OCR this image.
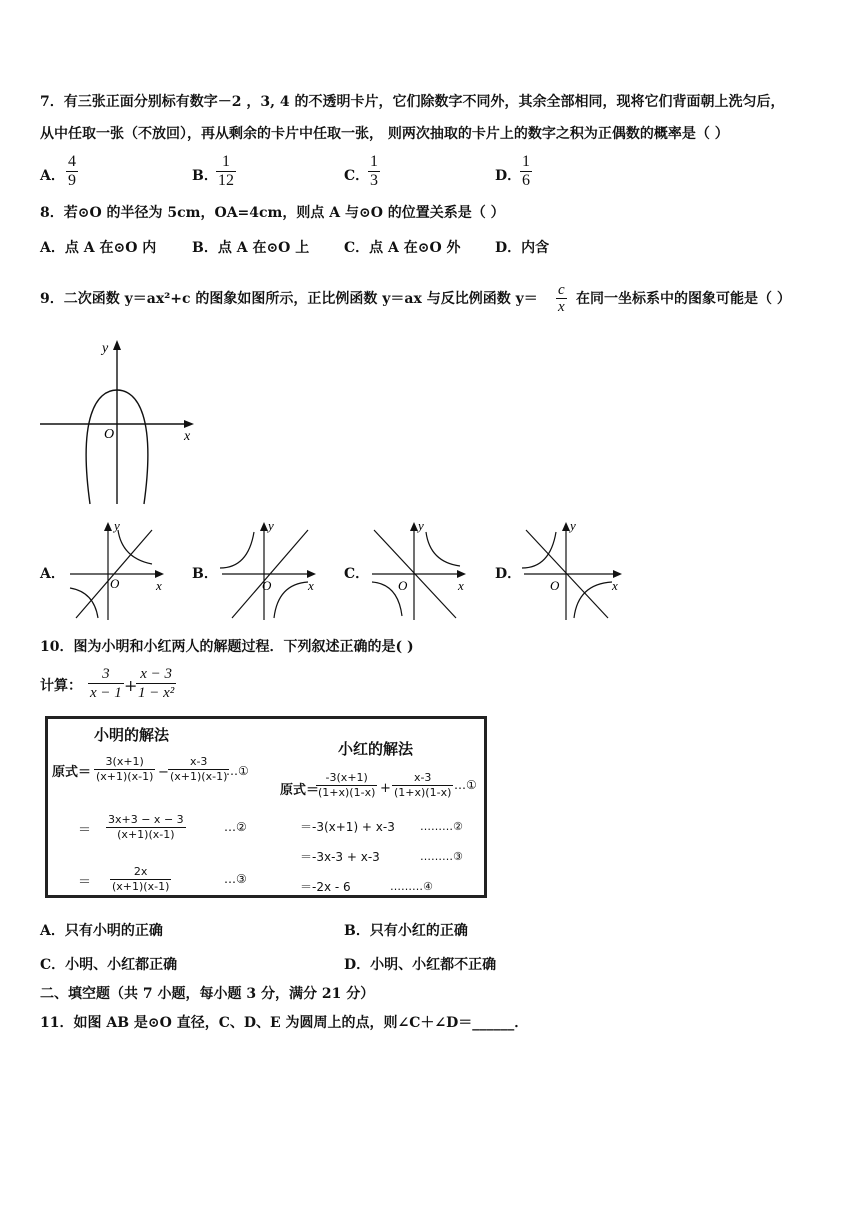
7．有三张正面分别标有数字－2 ，3, 4 的不透明卡片，它们除数字不同外，其余全部相同，现将它们背面朝上洗匀后，
从中任取一张（不放回），再从剩余的卡片中任取一张， 则两次抽取的卡片上的数字之积为正偶数的概率是（ ）
A．
4
9	B．
1
12	C．
1
3	D．
1
6
8．若⊙O 的半径为 5cm，OA=4cm，则点 A 与⊙O 的位置关系是（ ）
A．点 A 在⊙O 内	B．点 A 在⊙O 上 C．点 A 在⊙O 外 D．内含
9．二次函数 y＝ax²+c 的图象如图所示，正比例函数 y＝ax 与反比例函数 y＝
c
x 在同一坐标系中的图象可能是（ ）
x
y
O
A．
y
x
O
B．
y
x
O
C．
y
x
O
D．
y
x
O
10．图为小明和小红两人的解题过程．下列叙述正确的是( )
计算：
3
x − 1 +
x − 3
1 − x²
小明的解法
原式＝
3(x+1)
(x+1)(x-1) −
x-3
(x+1)(x-1)
…①
＝
3x+3 − x − 3
(x+1)(x-1)
…②
＝
2x
(x+1)(x-1)
…③
小红的解法
原式＝
-3(x+1)
(1+x)(1-x) +
x-3
(1+x)(1-x)
…①
＝-3(x+1) + x-3 ………②
＝-3x-3 + x-3	………③
＝-2x - 6	………④
A．只有小明的正确	B．只有小红的正确
C．小明、小红都正确	D．小明、小红都不正确
二、填空题（共 7 小题，每小题 3 分，满分 21 分）
11．如图 AB 是⊙O 直径，C、D、E 为圆周上的点，则∠C＋∠D＝______．
